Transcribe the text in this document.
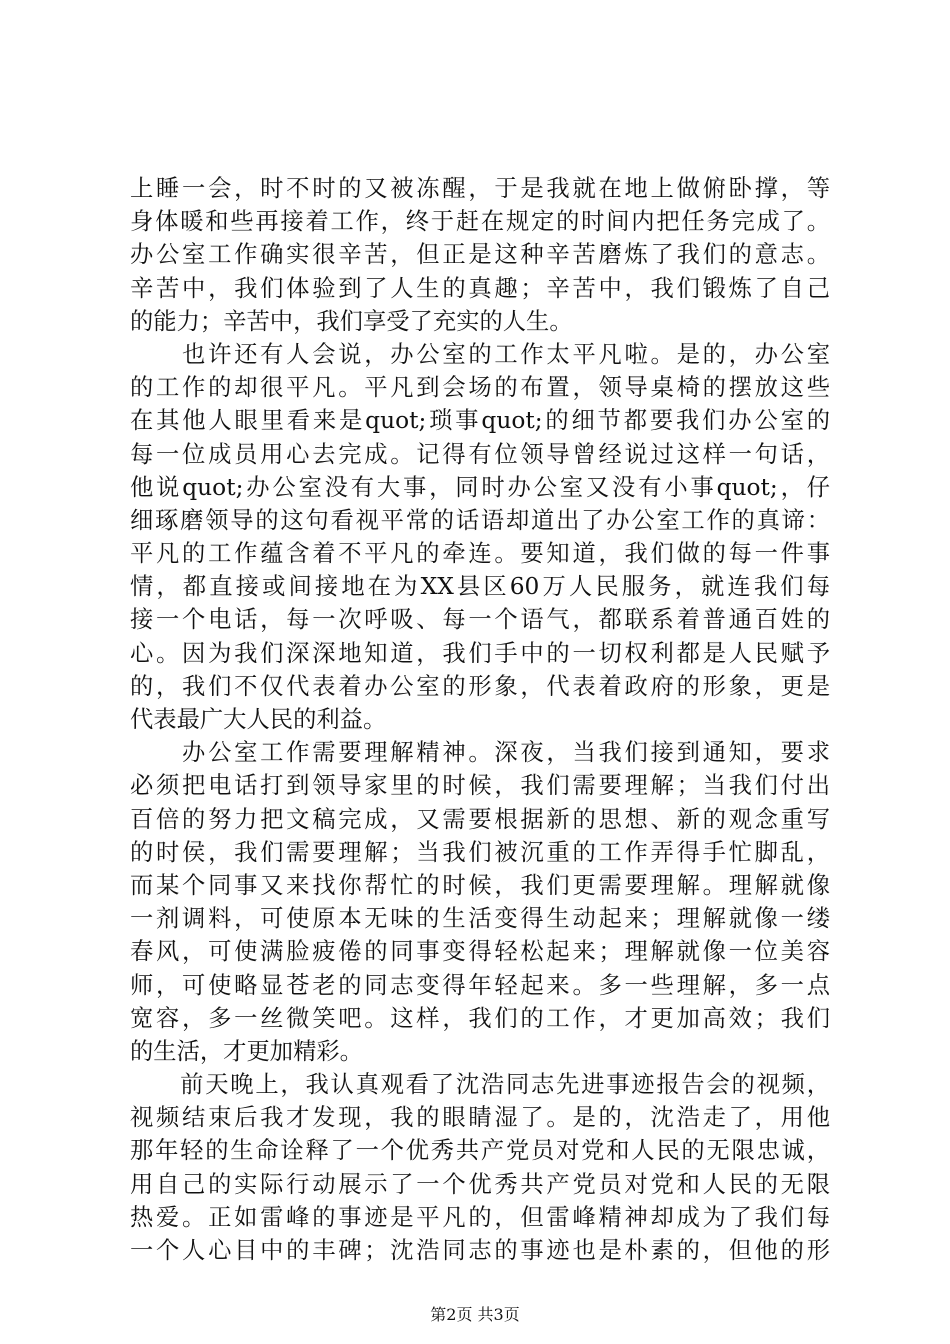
上睡一会，时不时的又被冻醒，于是我就在地上做俯卧撑，等
身体暖和些再接着工作，终于赶在规定的时间内把任务完成了。
办公室工作确实很辛苦，但正是这种辛苦磨炼了我们的意志。
辛苦中，我们体验到了人生的真趣；辛苦中，我们锻炼了自己
的能力；辛苦中，我们享受了充实的人生。
　　也许还有人会说，办公室的工作太平凡啦。是的，办公室
的工作的却很平凡。平凡到会场的布置，领导桌椅的摆放这些
在其他人眼里看来是quot;琐事quot;的细节都要我们办公室的
每一位成员用心去完成。记得有位领导曾经说过这样一句话，
他说quot;办公室没有大事，同时办公室又没有小事quot;，仔
细琢磨领导的这句看视平常的话语却道出了办公室工作的真谛：
平凡的工作蕴含着不平凡的牵连。要知道，我们做的每一件事
情，都直接或间接地在为XX县区60万人民服务，就连我们每
接一个电话，每一次呼吸、每一个语气，都联系着普通百姓的
心。因为我们深深地知道，我们手中的一切权利都是人民赋予
的，我们不仅代表着办公室的形象，代表着政府的形象，更是
代表最广大人民的利益。
　　办公室工作需要理解精神。深夜，当我们接到通知，要求
必须把电话打到领导家里的时候，我们需要理解；当我们付出
百倍的努力把文稿完成，又需要根据新的思想、新的观念重写
的时侯，我们需要理解；当我们被沉重的工作弄得手忙脚乱，
而某个同事又来找你帮忙的时候，我们更需要理解。理解就像
一剂调料，可使原本无味的生活变得生动起来；理解就像一缕
春风，可使满脸疲倦的同事变得轻松起来；理解就像一位美容
师，可使略显苍老的同志变得年轻起来。多一些理解，多一点
宽容，多一丝微笑吧。这样，我们的工作，才更加高效；我们
的生活，才更加精彩。
　　前天晚上，我认真观看了沈浩同志先进事迹报告会的视频，
视频结束后我才发现，我的眼睛湿了。是的，沈浩走了，用他
那年轻的生命诠释了一个优秀共产党员对党和人民的无限忠诚，
用自己的实际行动展示了一个优秀共产党员对党和人民的无限
热爱。正如雷峰的事迹是平凡的，但雷峰精神却成为了我们每
一个人心目中的丰碑；沈浩同志的事迹也是朴素的，但他的形
第2页 共3页
